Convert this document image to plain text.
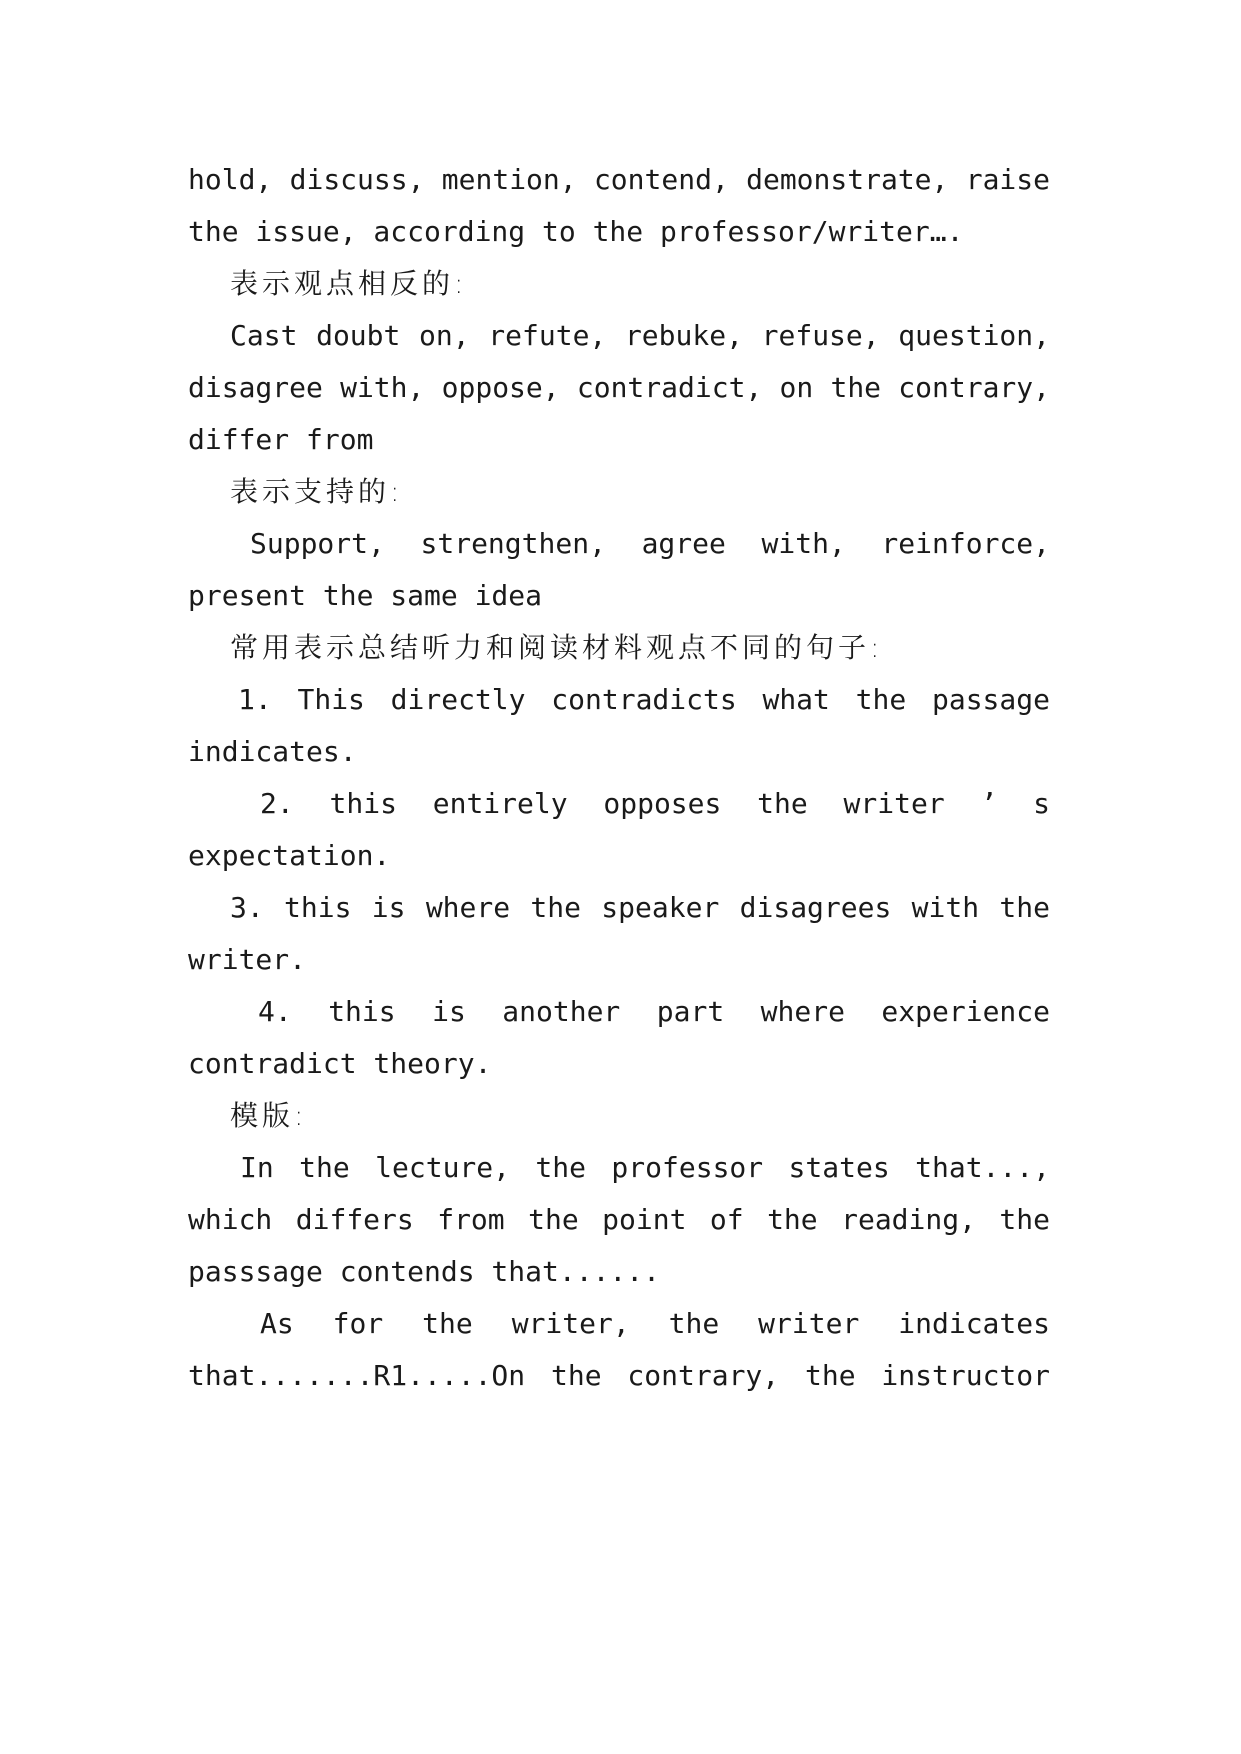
hold, discuss, mention, contend, demonstrate, raise
the issue, according to the professor/writer….
表示观点相反的:
Cast doubt on, refute, rebuke, refuse, question,
disagree with, oppose, contradict, on the contrary,
differ from
表示支持的:
Support, strengthen, agree with, reinforce,
present the same idea
常用表示总结听力和阅读材料观点不同的句子:
1. This directly contradicts what the passage
indicates.
2. this entirely opposes the writer ’ s
expectation.
3. this is where the speaker disagrees with the
writer.
4. this is another part where experience
contradict theory.
模版:
In the lecture, the professor states that...,
which differs from the point of the reading, the
passsage contends that......
As for the writer, the writer indicates
that.......R1.....On the contrary, the instructor
